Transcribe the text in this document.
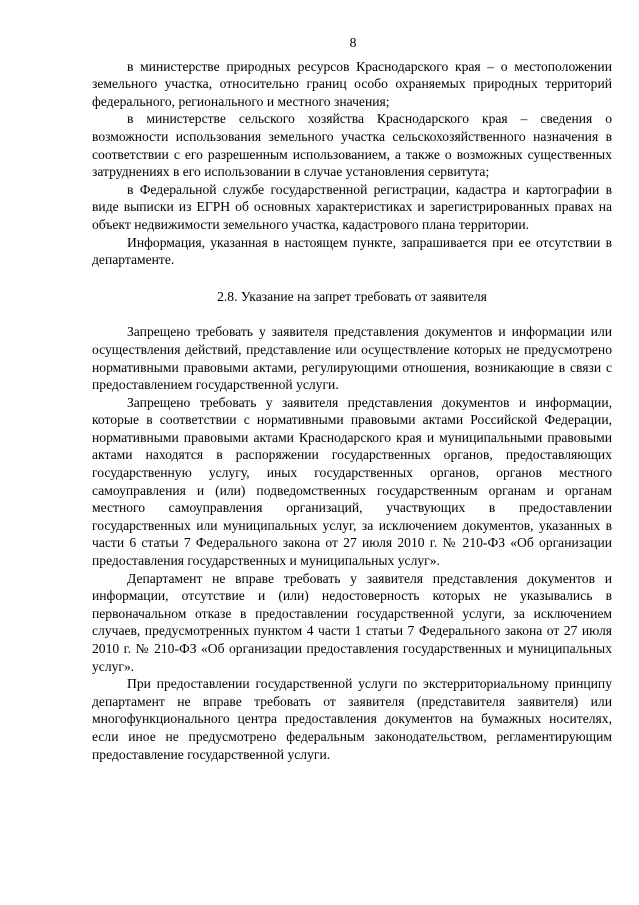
8

в министерстве природных ресурсов Краснодарского края – о местоположении земельного участка, относительно границ особо охраняемых природных территорий федерального, регионального и местного значения;

в министерстве сельского хозяйства Краснодарского края – сведения о возможности использования земельного участка сельскохозяйственного назначения в соответствии с его разрешенным использованием, а также о возможных существенных затруднениях в его использовании в случае установления сервитута;

в Федеральной службе государственной регистрации, кадастра и картографии в виде выписки из ЕГРН об основных характеристиках и зарегистрированных правах на объект недвижимости земельного участка, кадастрового плана территории.

Информация, указанная в настоящем пункте, запрашивается при ее отсутствии в департаменте.

2.8. Указание на запрет требовать от заявителя

Запрещено требовать у заявителя представления документов и информации или осуществления действий, представление или осуществление которых не предусмотрено нормативными правовыми актами, регулирующими отношения, возникающие в связи с предоставлением государственной услуги.

Запрещено требовать у заявителя представления документов и информации, которые в соответствии с нормативными правовыми актами Российской Федерации, нормативными правовыми актами Краснодарского края и муниципальными правовыми актами находятся в распоряжении государственных органов, предоставляющих государственную услугу, иных государственных органов, органов местного самоуправления и (или) подведомственных государственным органам и органам местного самоуправления организаций, участвующих в предоставлении государственных или муниципальных услуг, за исключением документов, указанных в части 6 статьи 7 Федерального закона от 27 июля 2010 г. № 210-ФЗ «Об организации предоставления государственных и муниципальных услуг».

Департамент не вправе требовать у заявителя представления документов и информации, отсутствие и (или) недостоверность которых не указывались в первоначальном отказе в предоставлении государственной услуги, за исключением случаев, предусмотренных пунктом 4 части 1 статьи 7 Федерального закона от 27 июля 2010 г. № 210-ФЗ «Об организации предоставления государственных и муниципальных услуг».

При предоставлении государственной услуги по экстерриториальному принципу департамент не вправе требовать от заявителя (представителя заявителя) или многофункционального центра предоставления документов на бумажных носителях, если иное не предусмотрено федеральным законодательством, регламентирующим предоставление государственной услуги.
